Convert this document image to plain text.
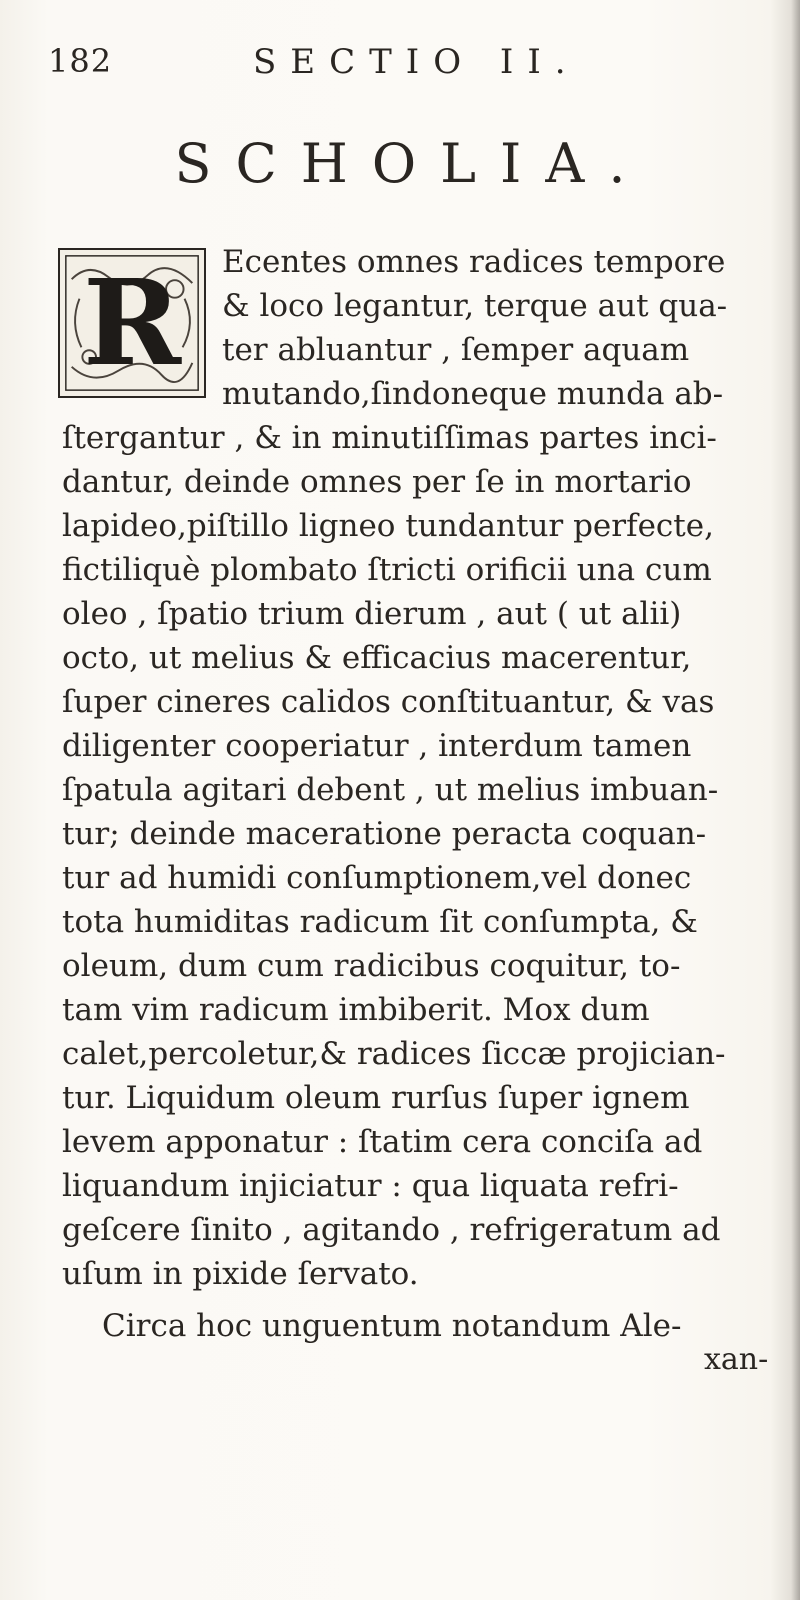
182	SECTIO II.
SCHOLIA.
R	Ecentes omnes radices tempore
& loco legantur, terque aut qua-
ter abluantur , ſemper aquam
mutando,ſindoneque munda ab-
ſtergantur , & in minutiſſimas partes inci-
dantur, deinde omnes per ſe in mortario
lapideo,piſtillo ligneo tundantur perfecte,
fictiliquè plombato ſtricti orificii una cum
oleo , ſpatio trium dierum , aut ( ut alii)
octo, ut melius & efficacius macerentur,
ſuper cineres calidos conſtituantur, & vas
diligenter cooperiatur , interdum tamen
ſpatula agitari debent , ut melius imbuan-
tur; deinde maceratione peracta coquan-
tur ad humidi conſumptionem,vel donec
tota humiditas radicum ſit conſumpta, &
oleum, dum cum radicibus coquitur, to-
tam vim radicum imbiberit. Mox dum
calet,percoletur,& radices ſiccæ projician-
tur. Liquidum oleum rurſus ſuper ignem
levem apponatur : ſtatim cera conciſa ad
liquandum injiciatur : qua liquata refri-
geſcere ſinito , agitando , refrigeratum ad
uſum in pixide ſervato.
Circa hoc unguentum notandum Ale-
xan-
